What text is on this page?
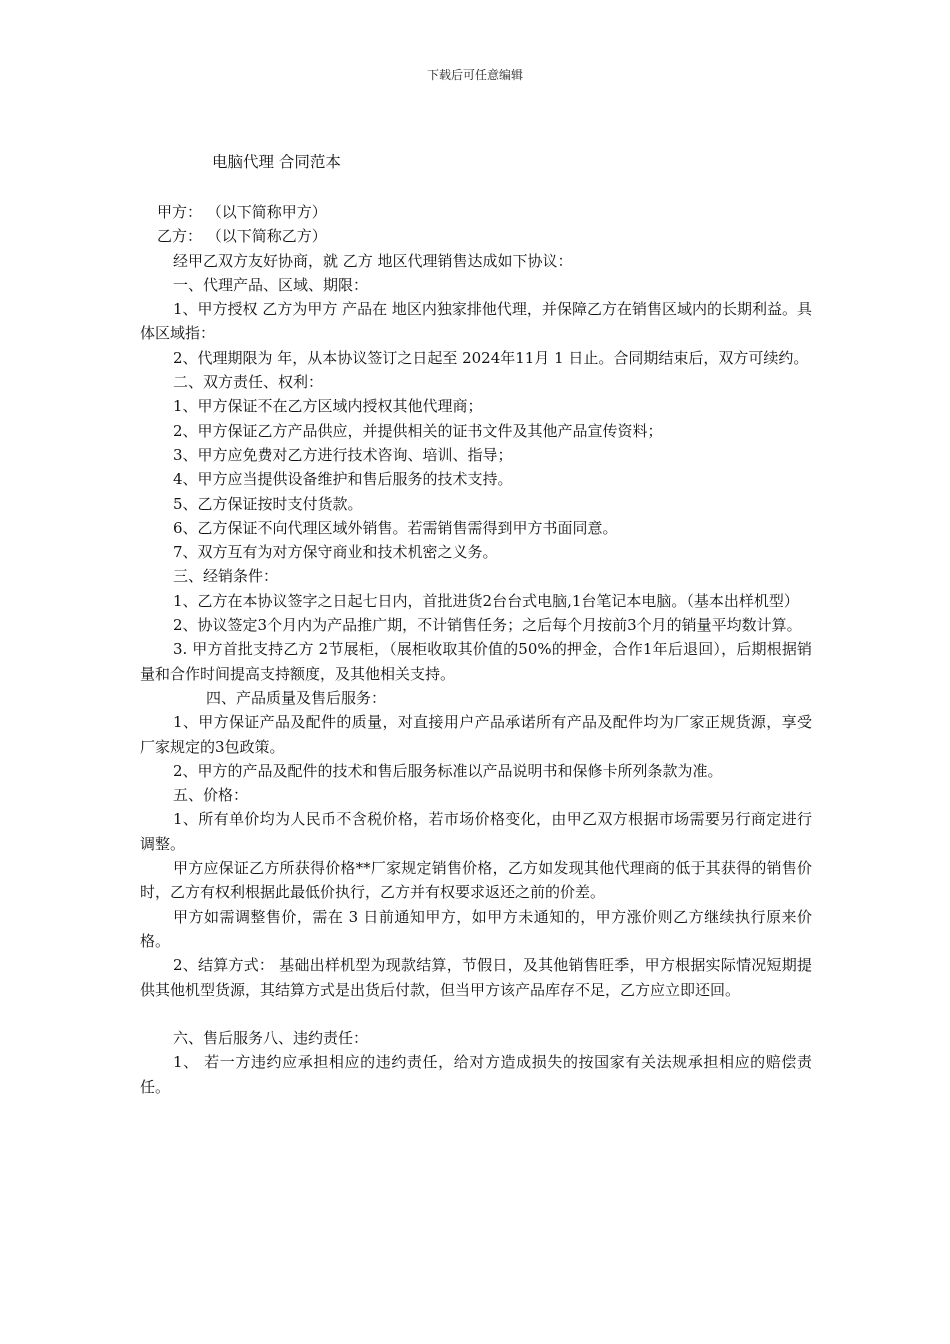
下载后可任意编辑
电脑代理 合同范本

甲方： （以下简称甲方）

乙方： （以下简称乙方）

经甲乙双方友好协商，就 乙方 地区代理销售达成如下协议：

一、代理产品、区域、期限：

1、甲方授权 乙方为甲方 产品在 地区内独家排他代理，并保障乙方在销售区域内的长期利益。具体区域指：

2、代理期限为 年，从本协议签订之日起至 2024年11月 1 日止。合同期结束后，双方可续约。

二、双方责任、权利：

1、甲方保证不在乙方区域内授权其他代理商；

2、甲方保证乙方产品供应，并提供相关的证书文件及其他产品宣传资料；

3、甲方应免费对乙方进行技术咨询、培训、指导；

4、甲方应当提供设备维护和售后服务的技术支持。

5、乙方保证按时支付货款。

6、乙方保证不向代理区域外销售。若需销售需得到甲方书面同意。

7、双方互有为对方保守商业和技术机密之义务。

三、经销条件：

1、乙方在本协议签字之日起七日内，首批进货2台台式电脑,1台笔记本电脑。（基本出样机型）

2、协议签定3个月内为产品推广期，不计销售任务；之后每个月按前3个月的销量平均数计算。

3. 甲方首批支持乙方 2节展柜，（展柜收取其价值的50%的押金，合作1年后退回），后期根据销量和合作时间提高支持额度，及其他相关支持。

四、产品质量及售后服务：

1、甲方保证产品及配件的质量，对直接用户产品承诺所有产品及配件均为厂家正规货源，享受厂家规定的3包政策。

2、甲方的产品及配件的技术和售后服务标准以产品说明书和保修卡所列条款为准。

五、价格：

1、所有单价均为人民币不含税价格，若市场价格变化，由甲乙双方根据市场需要另行商定进行调整。

甲方应保证乙方所获得价格**厂家规定销售价格，乙方如发现其他代理商的低于其获得的销售价时，乙方有权利根据此最低价执行，乙方并有权要求返还之前的价差。

甲方如需调整售价，需在 3 日前通知甲方，如甲方未通知的，甲方涨价则乙方继续执行原来价格。

2、结算方式： 基础出样机型为现款结算，节假日，及其他销售旺季，甲方根据实际情况短期提供其他机型货源，其结算方式是出货后付款，但当甲方该产品库存不足，乙方应立即还回。

六、售后服务八、违约责任：

1、 若一方违约应承担相应的违约责任，给对方造成损失的按国家有关法规承担相应的赔偿责任。
